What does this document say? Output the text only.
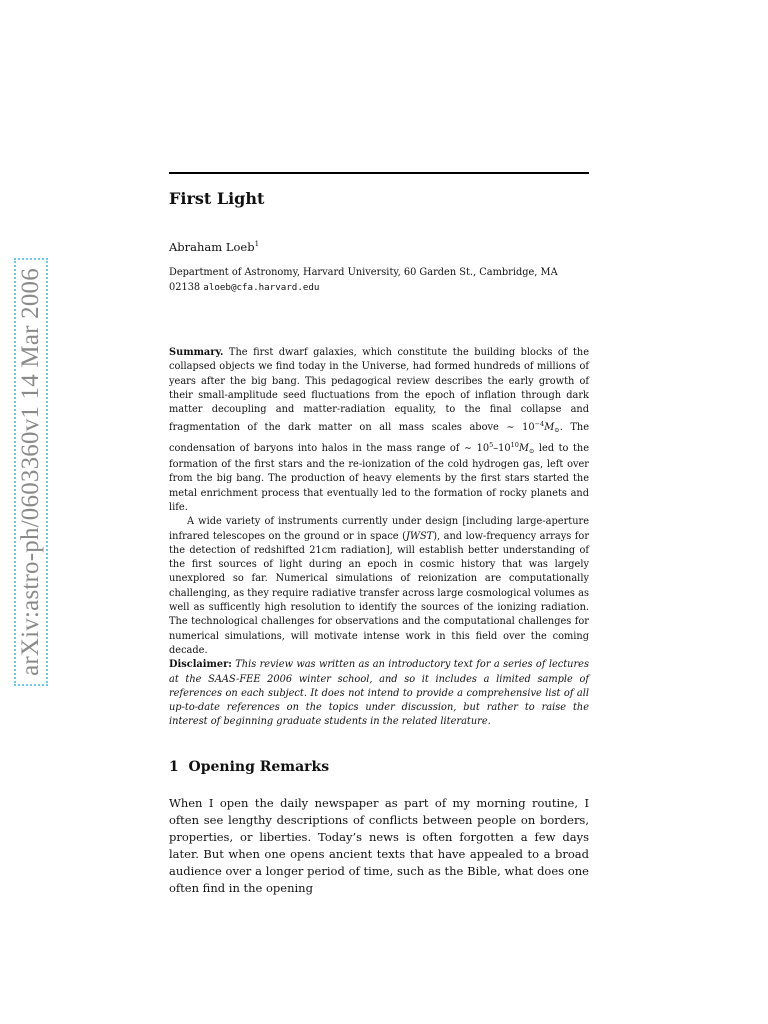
arXiv:astro-ph/0603360v1 14 Mar 2006
First Light
Abraham Loeb$^1$
Department of Astronomy, Harvard University, 60 Garden St., Cambridge, MA
02138 aloeb@cfa.harvard.edu

Summary. The first dwarf galaxies, which constitute the building blocks of the collapsed objects we find today in the Universe, had formed hundreds of millions of years after the big bang. This pedagogical review describes the early growth of their small-amplitude seed fluctuations from the epoch of inflation through dark matter decoupling and matter-radiation equality, to the final collapse and fragmentation of the dark matter on all mass scales above ∼ $10^{-4}M_⊙$. The condensation of baryons into halos in the mass range of ∼ $10^5-10^{10}M_⊙$ led to the formation of the first stars and the re-ionization of the cold hydrogen gas, left over from the big bang. The production of heavy elements by the first stars started the metal enrichment process that eventually led to the formation of rocky planets and life.

A wide variety of instruments currently under design [including large-aperture infrared telescopes on the ground or in space (JWST), and low-frequency arrays for the detection of redshifted 21cm radiation], will establish better understanding of the first sources of light during an epoch in cosmic history that was largely unexplored so far. Numerical simulations of reionization are computationally challenging, as they require radiative transfer across large cosmological volumes as well as sufficently high resolution to identify the sources of the ionizing radiation. The technological challenges for observations and the computational challenges for numerical simulations, will motivate intense work in this field over the coming decade.

Disclaimer: This review was written as an introductory text for a series of lectures at the SAAS-FEE 2006 winter school, and so it includes a limited sample of references on each subject. It does not intend to provide a comprehensive list of all up-to-date references on the topics under discussion, but rather to raise the interest of beginning graduate students in the related literature.

1 Opening Remarks

When I open the daily newspaper as part of my morning routine, I often see lengthy descriptions of conflicts between people on borders, properties, or liberties. Today’s news is often forgotten a few days later. But when one opens ancient texts that have appealed to a broad audience over a longer period of time, such as the Bible, what does one often find in the opening
